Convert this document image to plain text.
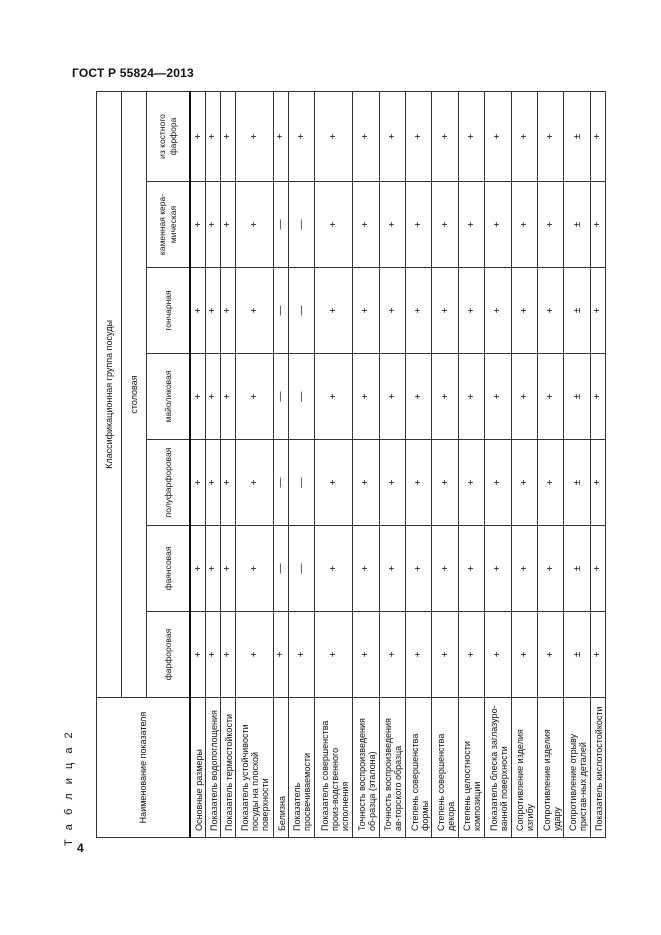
ГОСТ Р 55824—2013
Т а б л и ц а 2
4
Наименование показателя	Классификационная группа посуды						
	столовая						
	фарфоровая	фаянсовая	полуфарфоровая	майоликовая	гончарная	каменная кера-
мическая	из костного
фарфора
Основные размеры	+	+	+	+	+	+	+
Показатель водопоглощения	+	+	+	+	+	+	+
Показатель термостойкости	+	+	+	+	+	+	+
Показатель устойчивости посуды на плоской поверхности	+	+	+	+	+	+	+
Белизна	+	—	—	—	—	—	+
Показатель просвечиваемости	+	—	—	—	—	—	+
Показатель совершенства произ-водственного исполнения	+	+	+	+	+	+	+
Точность воспроизведения об-разца (эталона)	+	+	+	+	+	+	+
Точность воспроизведения ав-торского образца	+	+	+	+	+	+	+
Степень совершенства формы	+	+	+	+	+	+	+
Степень совершенства декора	+	+	+	+	+	+	+
Степень целостности композиции	+	+	+	+	+	+	+
Показатель блеска заглазуро-ванной поверхности	+	+	+	+	+	+	+
Сопротивление изделия изгибу	+	+	+	+	+	+	+
Сопротивление изделия удару	+	+	+	+	+	+	+
Сопротивление отрыву пристав-ных деталей	±	±	±	±	±	±	±
Показатель кислотостойкости	+	+	+	+	+	+	+
